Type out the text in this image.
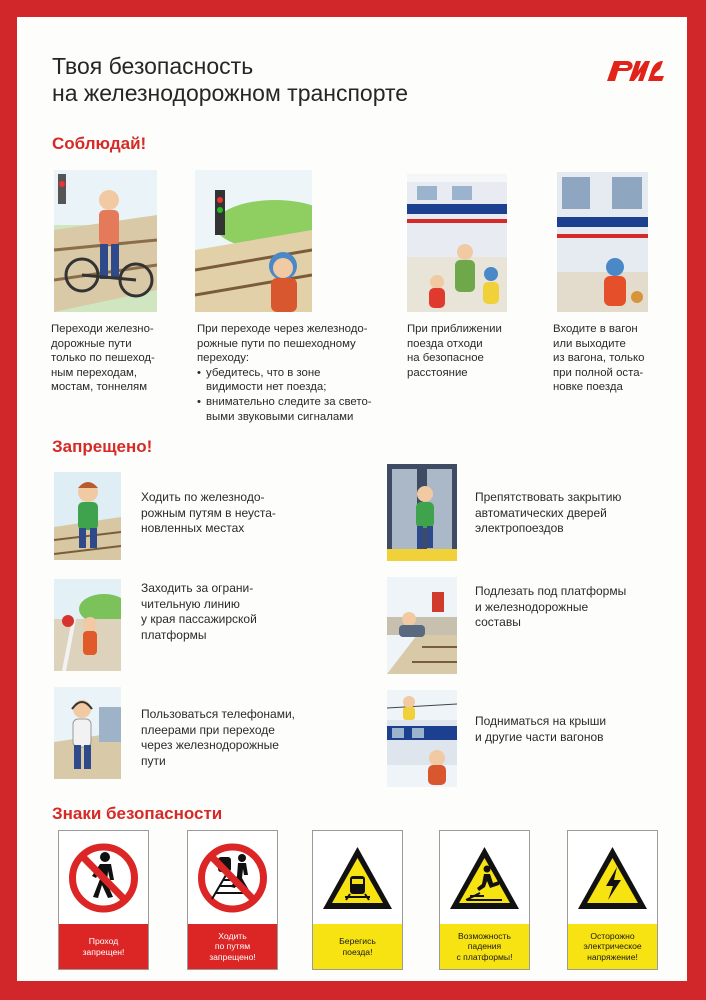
Твоя безопасность
на железнодорожном транспорте
Соблюдай!
Переходи железно-
дорожные пути
только по пешеход-
ным переходам,
мостам, тоннелям
При переходе через железнодо-
рожные пути по пешеходному
переходу:
• убедитесь, что в зоне
видимости нет поезда;
• внимательно следите за свето-
выми звуковыми сигналами
При приближении
поезда отходи
на безопасное
расстояние
Входите в вагон
или выходите
из вагона, только
при полной оста-
новке поезда
Запрещено!
Ходить по железнодо-
рожным путям в неуста-
новленных местах
Препятствовать закрытию
автоматических дверей
электропоездов
Заходить за ограни-
чительную линию
у края пассажирской
платформы
Подлезать под платформы
и железнодорожные
составы
Пользоваться телефонами,
плеерами при переходе
через железнодорожные
пути
Подниматься на крыши
и другие части вагонов
Знаки безопасности
Проход
запрещен!
Ходить
по путям
запрещено!
Берегись
поезда!
Возможность
падения
с платформы!
Осторожно
электрическое
напряжение!
